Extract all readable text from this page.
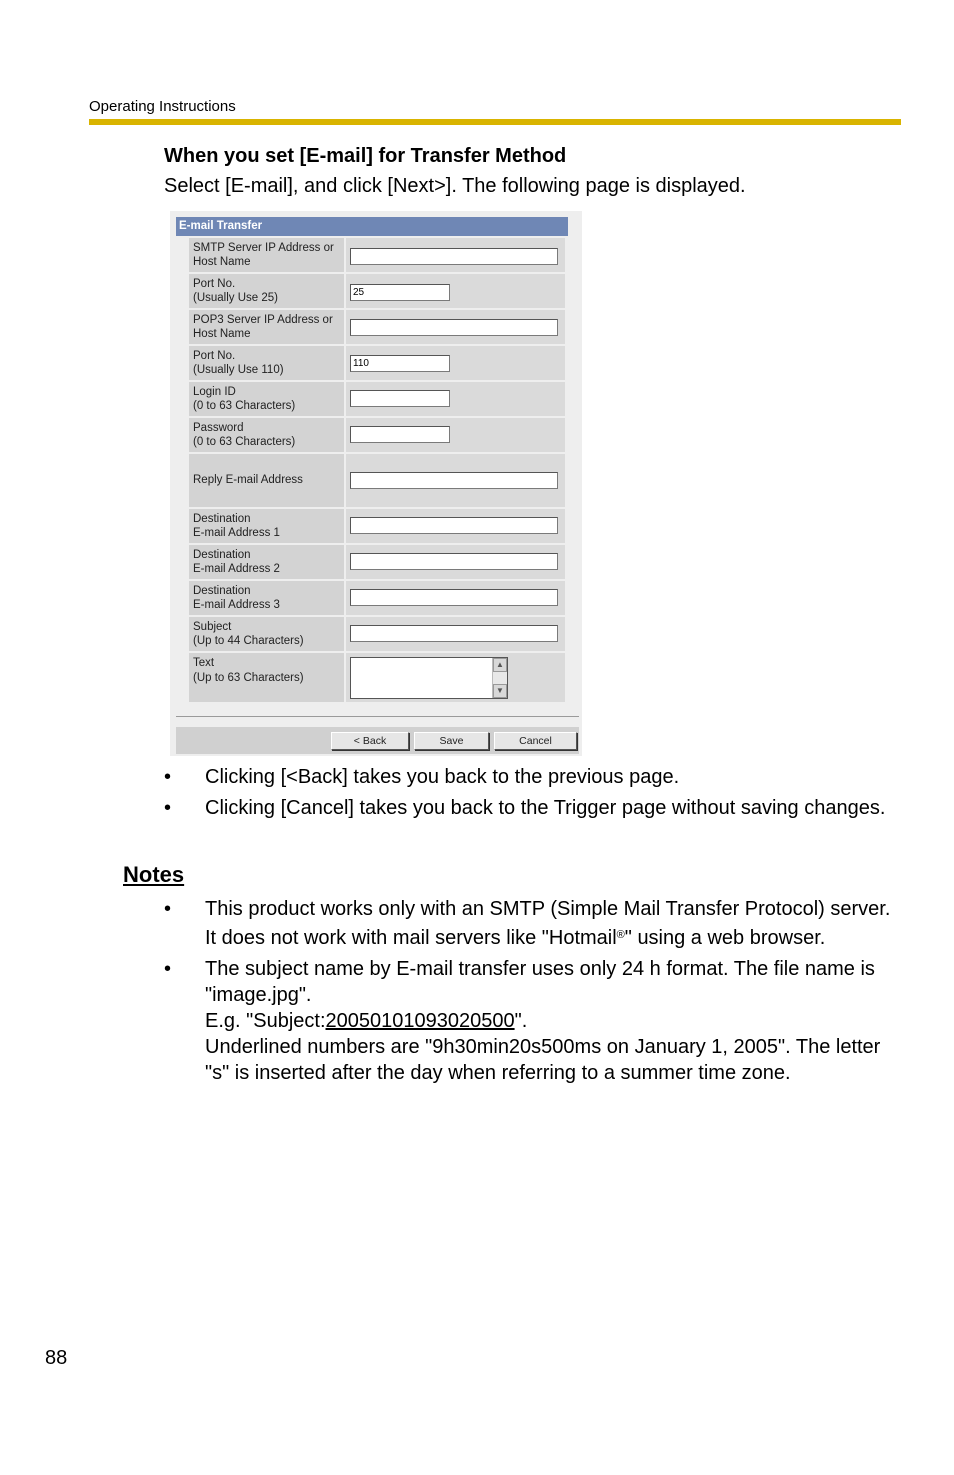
Operating Instructions
When you set [E-mail] for Transfer Method
Select [E-mail], and click [Next>]. The following page is displayed.
E-mail Transfer
SMTP Server IP Address or
Host Name
Port No.
(Usually Use 25)
25
POP3 Server IP Address or
Host Name
Port No.
(Usually Use 110)
110
Login ID
(0 to 63 Characters)
Password
(0 to 63 Characters)
Reply E-mail Address
Destination
E-mail Address 1
Destination
E-mail Address 2
Destination
E-mail Address 3
Subject
(Up to 44 Characters)
Text
(Up to 63 Characters)
▲
▼
< Back	Save	Cancel
• Clicking [<Back] takes you back to the previous page.
• Clicking [Cancel] takes you back to the Trigger page without saving changes.
Notes
• This product works only with an SMTP (Simple Mail Transfer Protocol) server. It does not work with mail servers like "Hotmail®" using a web browser.
• The subject name by E-mail transfer uses only 24 h format. The file name is "image.jpg".
E.g. "Subject:20050101093020500".
Underlined numbers are "9h30min20s500ms on January 1, 2005". The letter "s" is inserted after the day when referring to a summer time zone.
88
